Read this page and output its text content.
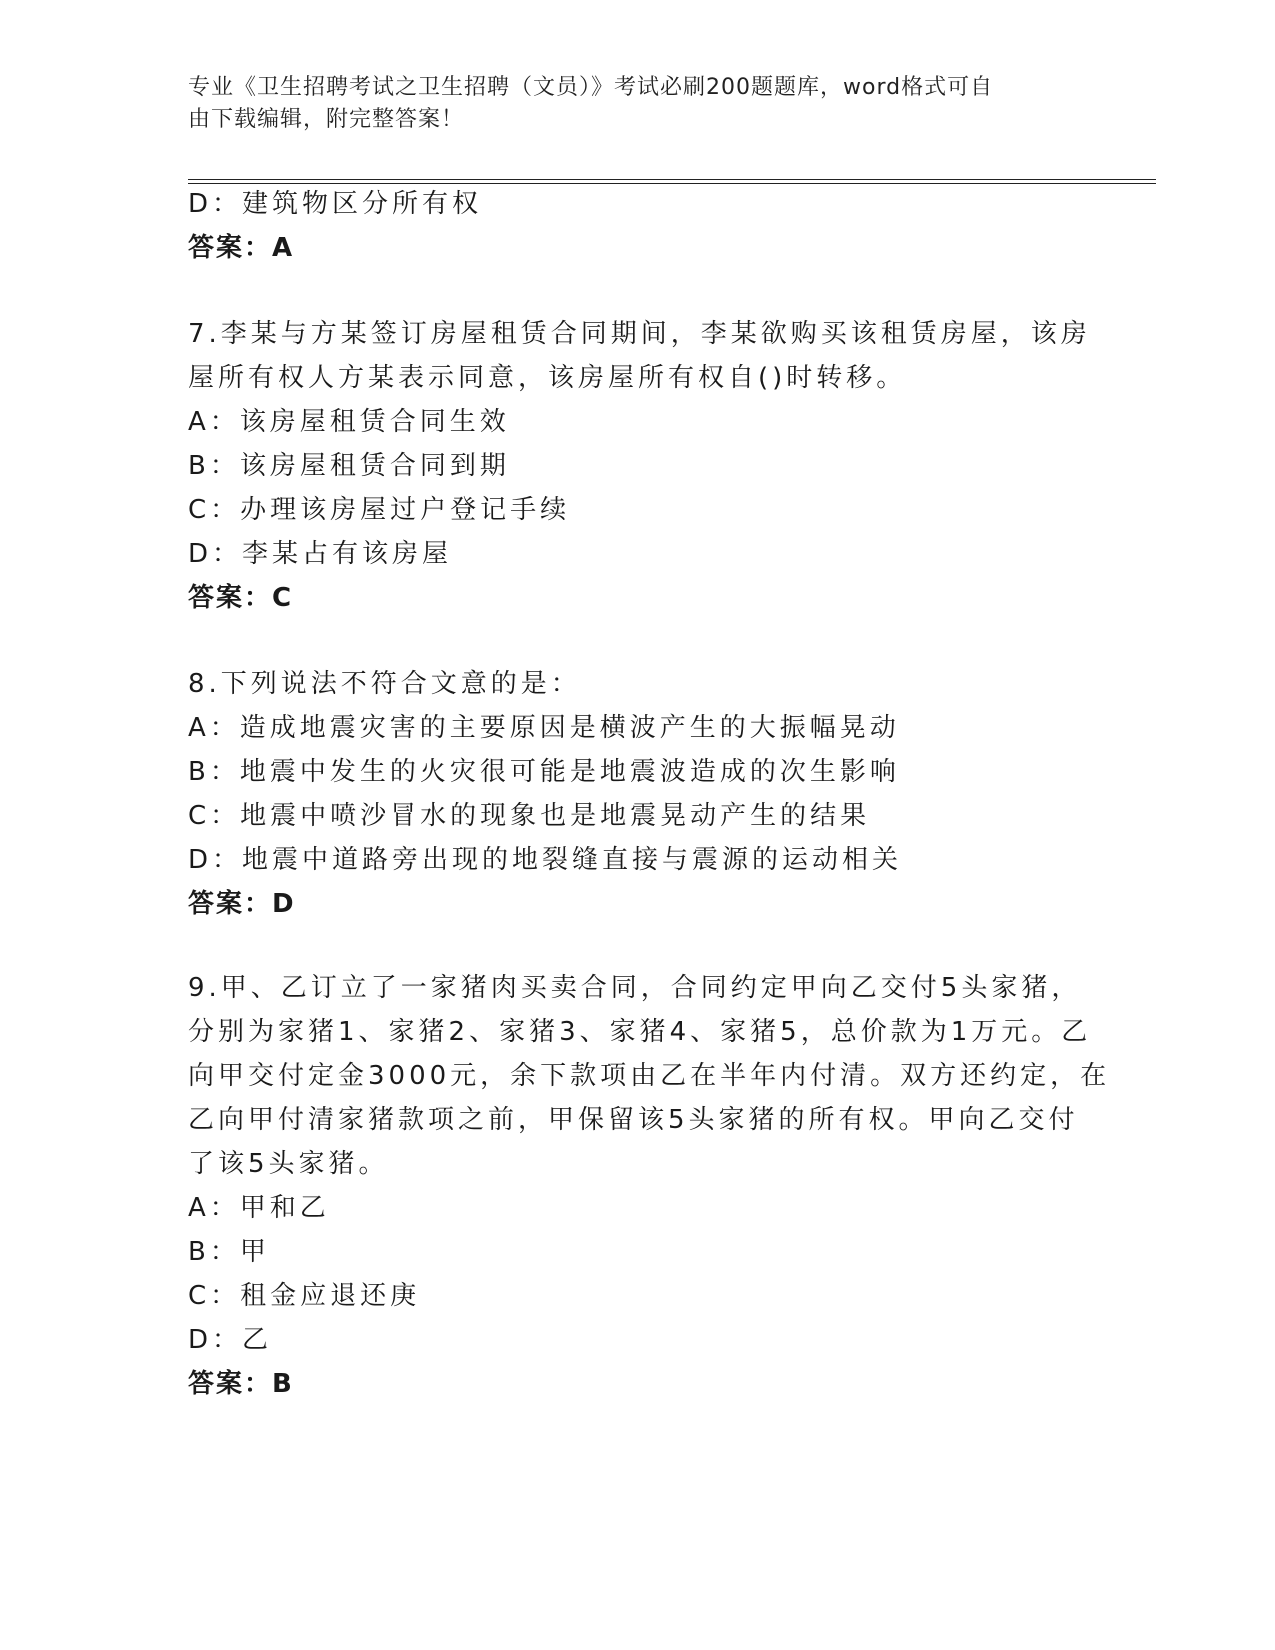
专业《卫生招聘考试之卫生招聘（文员）》考试必刷200题题库，word格式可自
由下载编辑，附完整答案！
D：建筑物区分所有权
答案：A
7.李某与方某签订房屋租赁合同期间，李某欲购买该租赁房屋，该房
屋所有权人方某表示同意，该房屋所有权自()时转移。
A：该房屋租赁合同生效
B：该房屋租赁合同到期
C：办理该房屋过户登记手续
D：李某占有该房屋
答案：C
8.下列说法不符合文意的是：
A：造成地震灾害的主要原因是横波产生的大振幅晃动
B：地震中发生的火灾很可能是地震波造成的次生影响
C：地震中喷沙冒水的现象也是地震晃动产生的结果
D：地震中道路旁出现的地裂缝直接与震源的运动相关
答案：D
9.甲、乙订立了一家猪肉买卖合同，合同约定甲向乙交付5头家猪，
分别为家猪1、家猪2、家猪3、家猪4、家猪5，总价款为1万元。乙
向甲交付定金3000元，余下款项由乙在半年内付清。双方还约定，在
乙向甲付清家猪款项之前，甲保留该5头家猪的所有权。甲向乙交付
了该5头家猪。
A：甲和乙
B：甲
C：租金应退还庚
D：乙
答案：B
